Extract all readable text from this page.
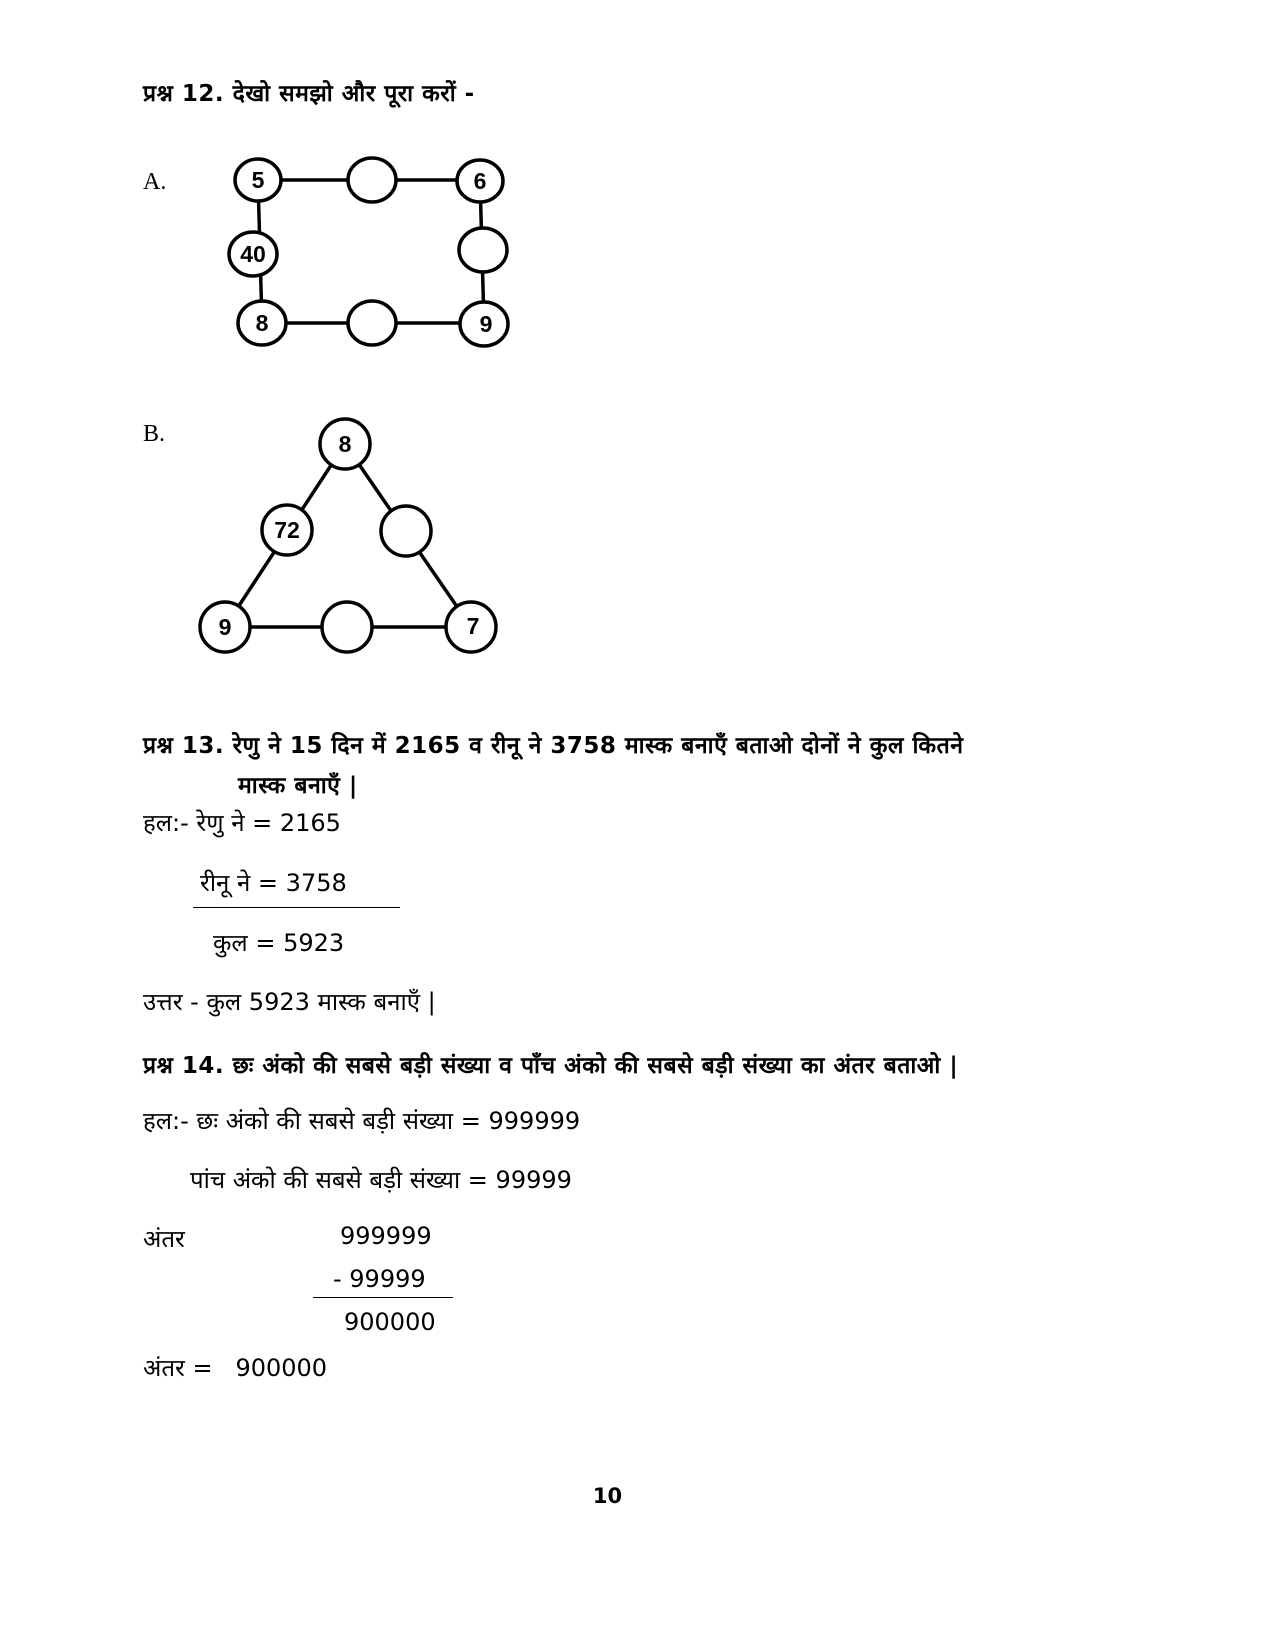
प्रश्न 12. देखो समझो और पूरा करों -
A.	5	6
40
8	9
8
72
9	7
B.
प्रश्न 13. रेणु ने 15 दिन में 2165 व रीनू ने 3758 मास्क बनाएँ बताओ दोनों ने कुल कितने
मास्क बनाएँ |
हल:- रेणु ने = 2165
रीनू ने = 3758
कुल = 5923
उत्तर - कुल 5923 मास्क बनाएँ |
प्रश्न 14. छः अंको की सबसे बड़ी संख्या व पाँच अंको की सबसे बड़ी संख्या का अंतर बताओ |
हल:- छः अंको की सबसे बड़ी संख्या = 999999
पांच अंको की सबसे बड़ी संख्या = 99999
अंतर	999999
- 99999
900000
अंतर =   900000
10
